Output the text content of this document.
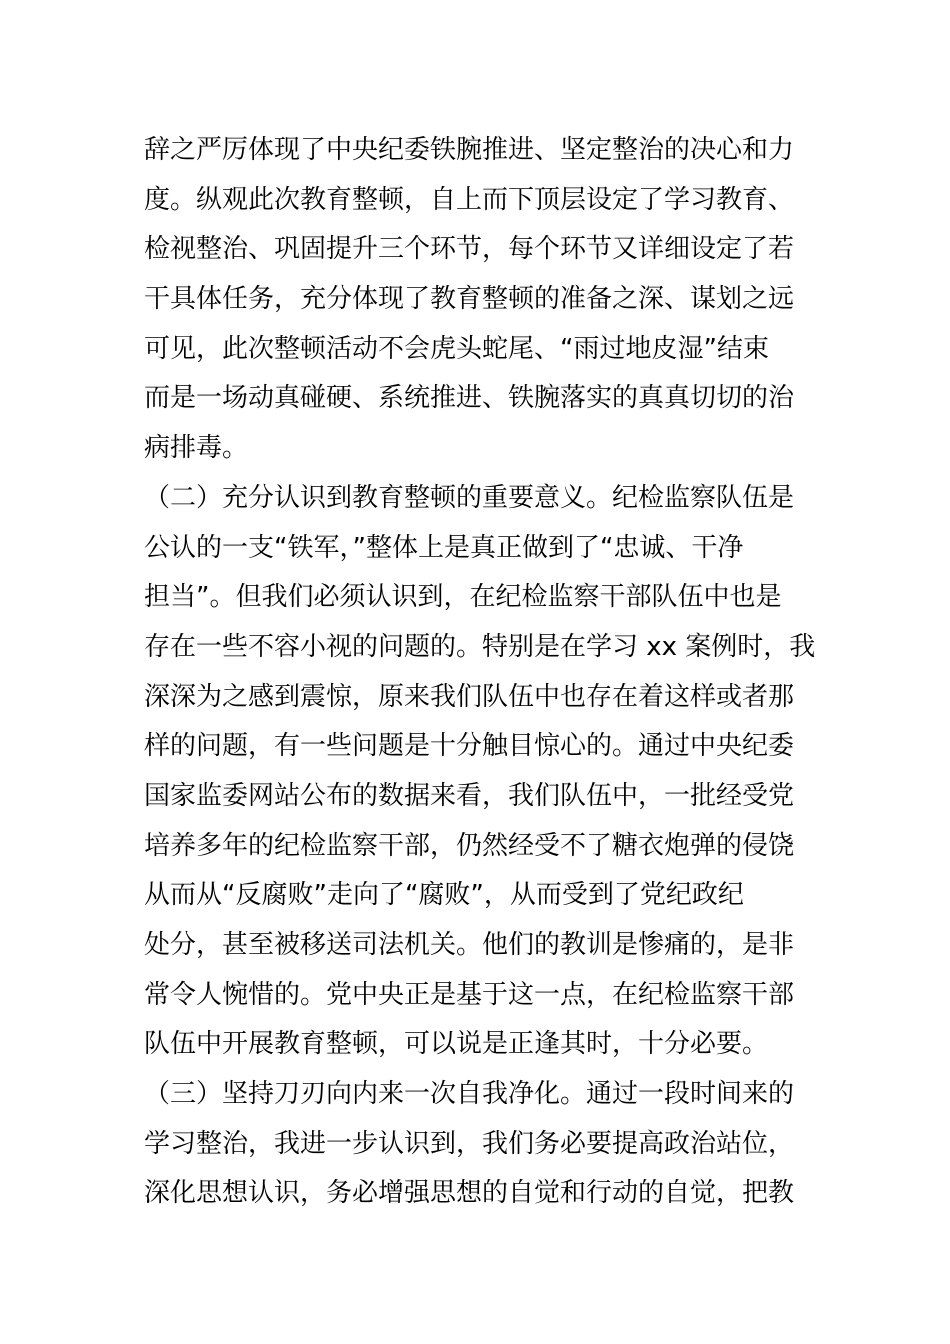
辞之严厉体现了中央纪委铁腕推进、坚定整治的决心和力
度。纵观此次教育整顿，自上而下顶层设定了学习教育、
检视整治、巩固提升三个环节，每个环节又详细设定了若
干具体任务，充分体现了教育整顿的准备之深、谋划之远
可见，此次整顿活动不会虎头蛇尾、“雨过地皮湿”结束
而是一场动真碰硬、系统推进、铁腕落实的真真切切的治
病排毒。
（二）充分认识到教育整顿的重要意义。纪检监察队伍是
公认的一支“铁军，”整体上是真正做到了“忠诚、干净
担当”。但我们必须认识到，在纪检监察干部队伍中也是
存在一些不容小视的问题的。特别是在学习 xx 案例时，我
深深为之感到震惊，原来我们队伍中也存在着这样或者那
样的问题，有一些问题是十分触目惊心的。通过中央纪委
国家监委网站公布的数据来看，我们队伍中，一批经受党
培养多年的纪检监察干部，仍然经受不了糖衣炮弹的侵饶
从而从“反腐败”走向了“腐败”，从而受到了党纪政纪
处分，甚至被移送司法机关。他们的教训是惨痛的，是非
常令人惋惜的。党中央正是基于这一点，在纪检监察干部
队伍中开展教育整顿，可以说是正逢其时，十分必要。
（三）坚持刀刃向内来一次自我净化。通过一段时间来的
学习整治，我进一步认识到，我们务必要提高政治站位，
深化思想认识，务必增强思想的自觉和行动的自觉，把教
